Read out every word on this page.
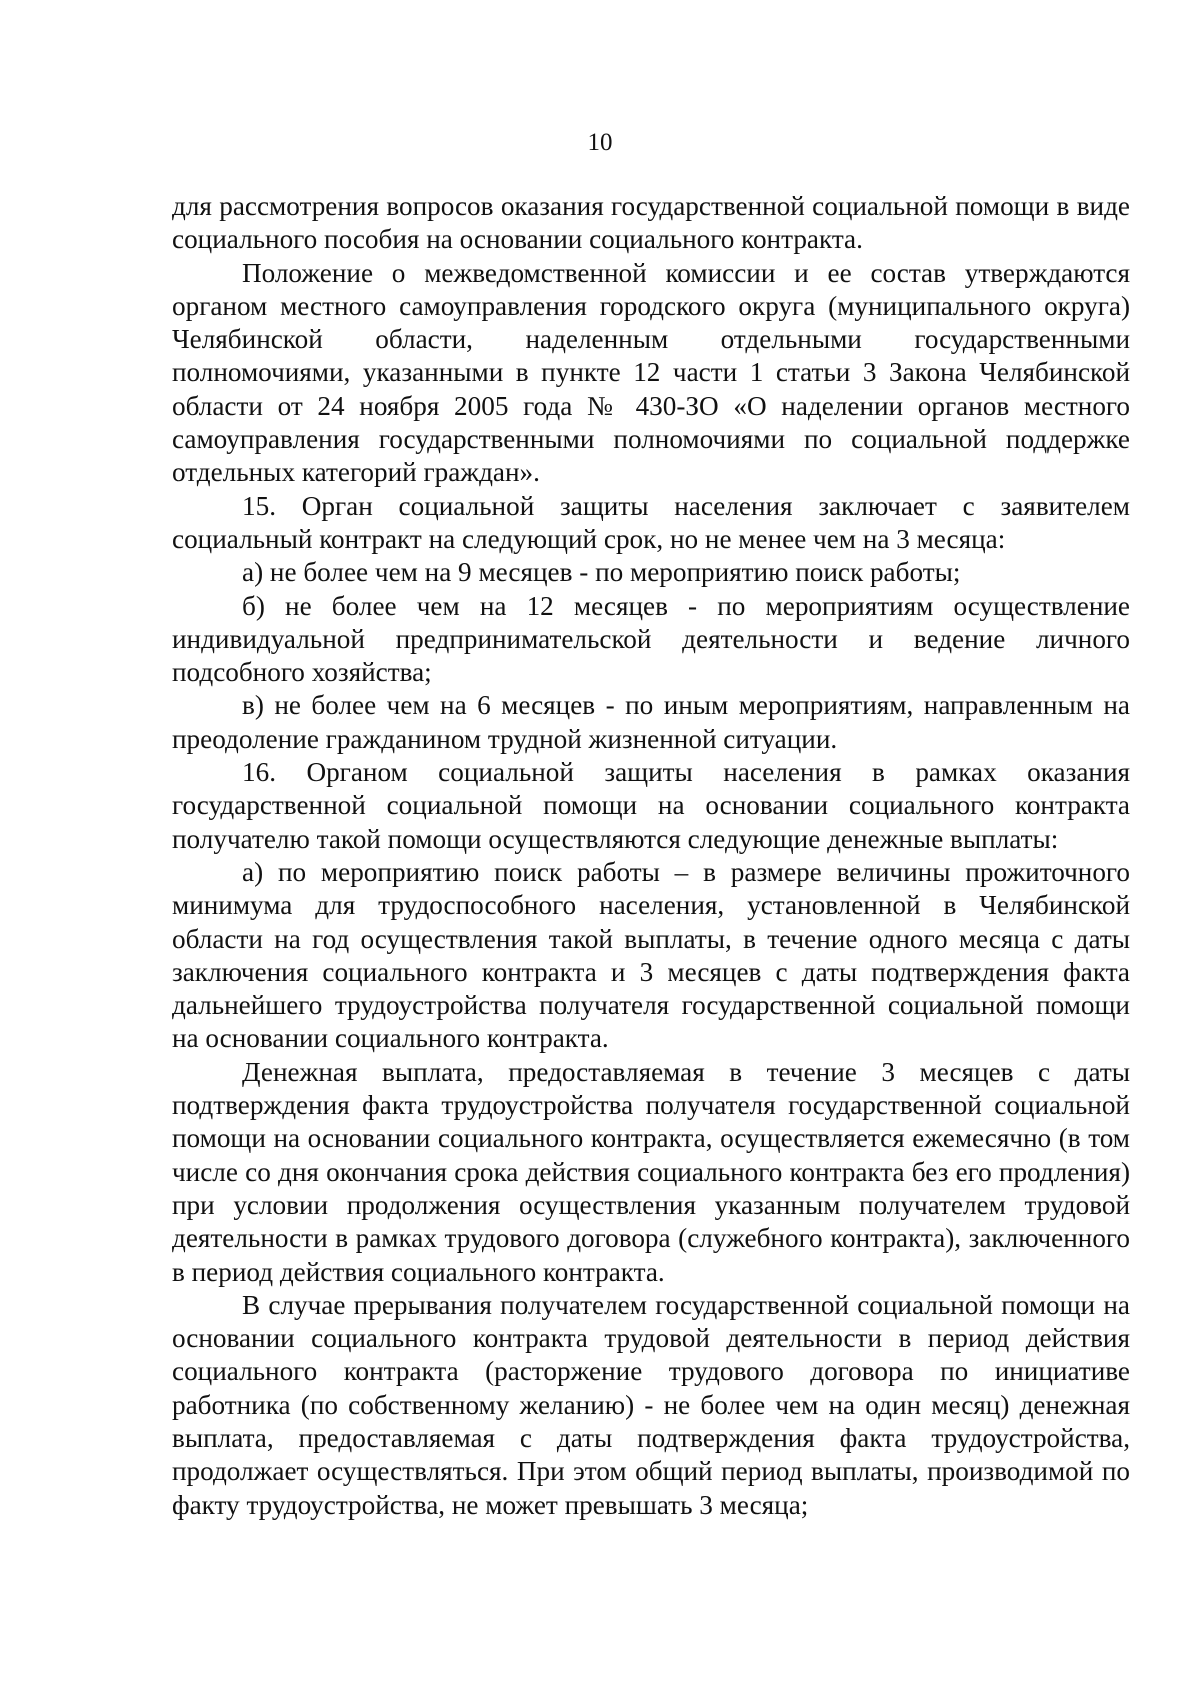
10

для рассмотрения вопросов оказания государственной социальной помощи в виде социального пособия на основании социального контракта.

Положение о межведомственной комиссии и ее состав утверждаются органом местного самоуправления городского округа (муниципального округа) Челябинской области, наделенным отдельными государственными полномочиями, указанными в пункте 12 части 1 статьи 3 Закона Челябинской области от 24 ноября 2005 года № 430-ЗО «О наделении органов местного самоуправления государственными полномочиями по социальной поддержке отдельных категорий граждан».

15. Орган социальной защиты населения заключает с заявителем социальный контракт на следующий срок, но не менее чем на 3 месяца:

а) не более чем на 9 месяцев - по мероприятию поиск работы;

б) не более чем на 12 месяцев - по мероприятиям осуществление индивидуальной предпринимательской деятельности и ведение личного подсобного хозяйства;

в) не более чем на 6 месяцев - по иным мероприятиям, направленным на преодоление гражданином трудной жизненной ситуации.

16. Органом социальной защиты населения в рамках оказания государственной социальной помощи на основании социального контракта получателю такой помощи осуществляются следующие денежные выплаты:

а) по мероприятию поиск работы – в размере величины прожиточного минимума для трудоспособного населения, установленной в Челябинской области на год осуществления такой выплаты, в течение одного месяца с даты заключения социального контракта и 3 месяцев с даты подтверждения факта дальнейшего трудоустройства получателя государственной социальной помощи на основании социального контракта.

Денежная выплата, предоставляемая в течение 3 месяцев с даты подтверждения факта трудоустройства получателя государственной социальной помощи на основании социального контракта, осуществляется ежемесячно (в том числе со дня окончания срока действия социального контракта без его продления) при условии продолжения осуществления указанным получателем трудовой деятельности в рамках трудового договора (служебного контракта), заключенного в период действия социального контракта.

В случае прерывания получателем государственной социальной помощи на основании социального контракта трудовой деятельности в период действия социального контракта (расторжение трудового договора по инициативе работника (по собственному желанию) - не более чем на один месяц) денежная выплата, предоставляемая с даты подтверждения факта трудоустройства, продолжает осуществляться. При этом общий период выплаты, производимой по факту трудоустройства, не может превышать 3 месяца;
